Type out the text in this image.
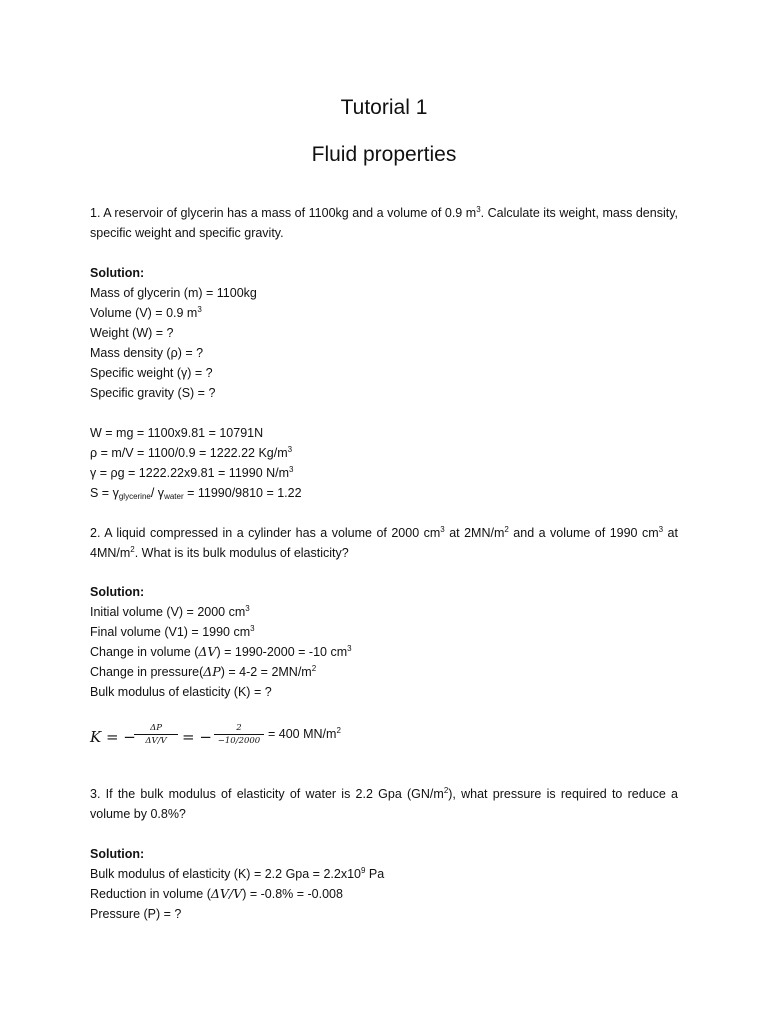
Tutorial 1
Fluid properties
1. A reservoir of glycerin has a mass of 1100kg and a volume of 0.9 $m^3$. Calculate its weight, mass density, specific weight and specific gravity.
Solution:
Mass of glycerin (m) = 1100kg
Volume (V) = 0.9 $m^3$
Weight (W) = ?
Mass density (ρ) = ?
Specific weight (γ) = ?
Specific gravity (S) = ?
W = mg = 1100x9.81 = 10791N
ρ = m/V = 1100/0.9 = 1222.22 $Kg/m^3$
γ = ρg = 1222.22x9.81 = 11990 $N/m^3$
$S = \gamma_{glycerine}/$ $\gamma_{water} = 11990/9810 = 1.22$
2. A liquid compressed in a cylinder has a volume of 2000 $cm^3$ at $2MN/m^2$ and a volume of 1990 $cm^3$ at $4MN/m^2$. What is its bulk modulus of elasticity?
Solution:
Initial volume (V) = 2000 $cm^3$
Final volume (V1) = 1990 $cm^3$
Change in volume (ΔV) = 1990-2000 = -10 $cm^3$
Change in pressure(ΔP) = $4-2 = 2MN/m^2$
Bulk modulus of elasticity (K) = ?
K = −	ΔP
ΔV/V	= −	2
−10/2000 = 400 $MN/m^2$
3. If the bulk modulus of elasticity of water is 2.2 Gpa $(GN/m^2)$, what pressure is required to reduce a volume by 0.8%?
Solution:
Bulk modulus of elasticity (K) = 2.2 Gpa = $2.2x10^9$ Pa
Reduction in volume (ΔV/V) = -0.8% = -0.008
Pressure (P) = ?
